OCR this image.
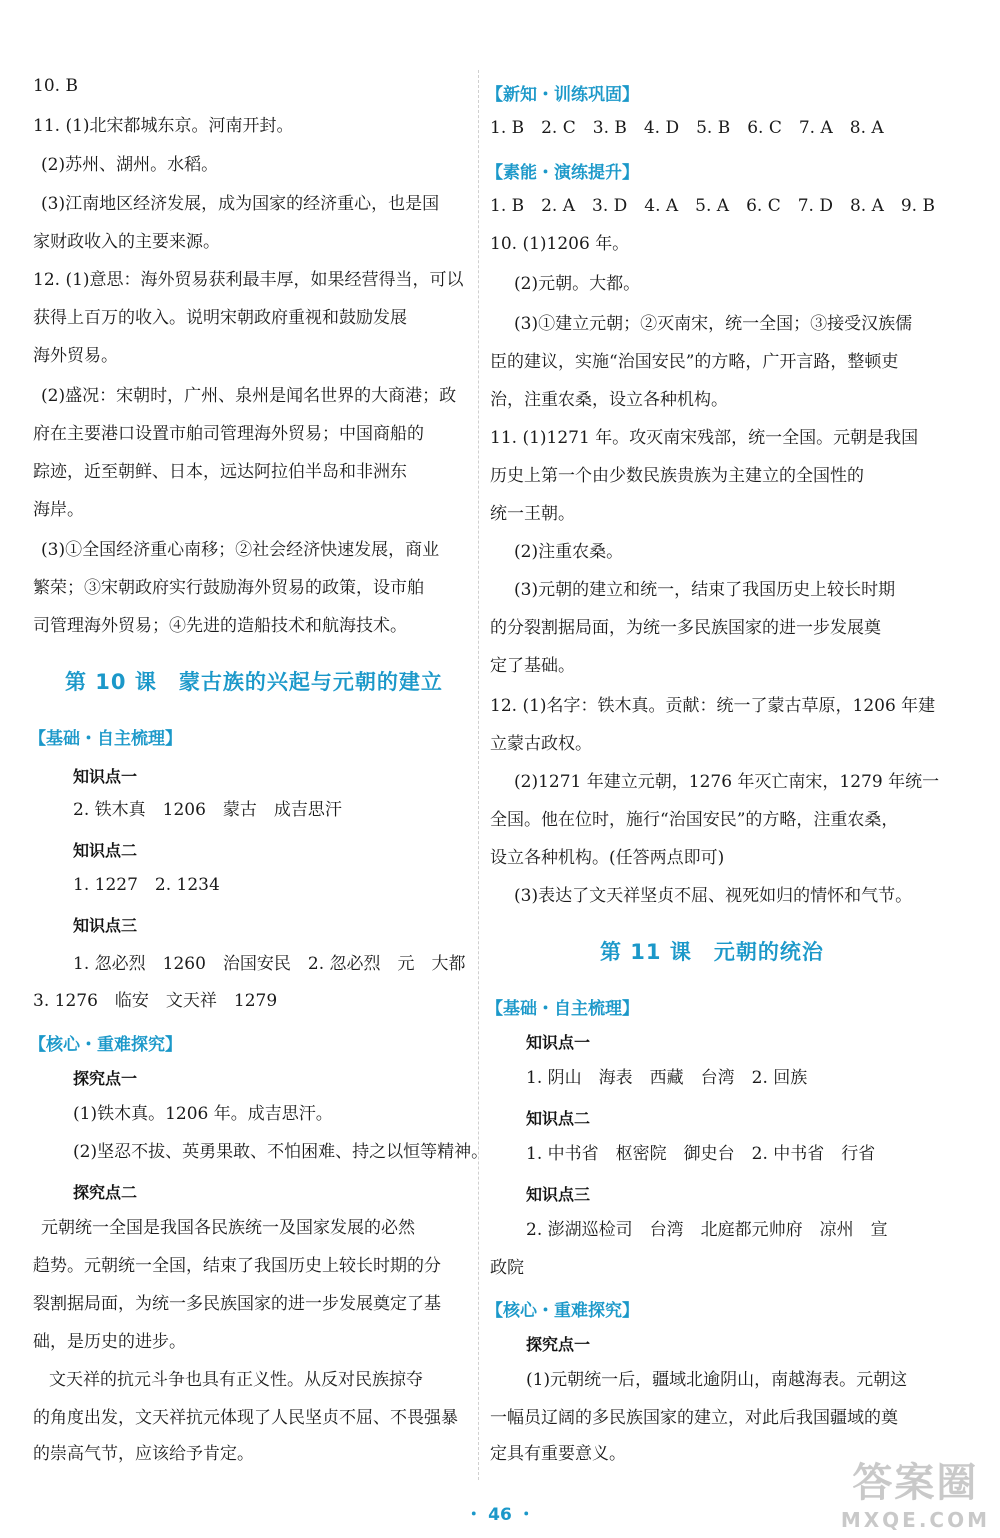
10. B
11. (1)北宋都城东京。河南开封。
(2)苏州、湖州。水稻。
(3)江南地区经济发展，成为国家的经济重心，也是国
家财政收入的主要来源。
12. (1)意思：海外贸易获利最丰厚，如果经营得当，可以
获得上百万的收入。说明宋朝政府重视和鼓励发展
海外贸易。
(2)盛况：宋朝时，广州、泉州是闻名世界的大商港；政
府在主要港口设置市舶司管理海外贸易；中国商船的
踪迹，近至朝鲜、日本，远达阿拉伯半岛和非洲东
海岸。
(3)①全国经济重心南移；②社会经济快速发展，商业
繁荣；③宋朝政府实行鼓励海外贸易的政策，设市舶
司管理海外贸易；④先进的造船技术和航海技术。
第 10 课　蒙古族的兴起与元朝的建立
【基础・自主梳理】
知识点一
2. 铁木真　1206　蒙古　成吉思汗
知识点二
1. 1227　2. 1234
知识点三
1. 忽必烈　1260　治国安民　2. 忽必烈　元　大都
3. 1276　临安　文天祥　1279
【核心・重难探究】
探究点一
(1)铁木真。1206 年。成吉思汗。
(2)坚忍不拔、英勇果敢、不怕困难、持之以恒等精神。
探究点二
元朝统一全国是我国各民族统一及国家发展的必然
趋势。元朝统一全国，结束了我国历史上较长时期的分
裂割据局面，为统一多民族国家的进一步发展奠定了基
础，是历史的进步。
文天祥的抗元斗争也具有正义性。从反对民族掠夺
的角度出发，文天祥抗元体现了人民坚贞不屈、不畏强暴
的崇高气节，应该给予肯定。
【新知・训练巩固】
1. B　2. C　3. B　4. D　5. B　6. C　7. A　8. A
【素能・演练提升】
1. B　2. A　3. D　4. A　5. A　6. C　7. D　8. A　9. B
10. (1)1206 年。
(2)元朝。大都。
(3)①建立元朝；②灭南宋，统一全国；③接受汉族儒
臣的建议，实施“治国安民”的方略，广开言路，整顿吏
治，注重农桑，设立各种机构。
11. (1)1271 年。攻灭南宋残部，统一全国。元朝是我国
历史上第一个由少数民族贵族为主建立的全国性的
统一王朝。
(2)注重农桑。
(3)元朝的建立和统一，结束了我国历史上较长时期
的分裂割据局面，为统一多民族国家的进一步发展奠
定了基础。
12. (1)名字：铁木真。贡献：统一了蒙古草原，1206 年建
立蒙古政权。
(2)1271 年建立元朝，1276 年灭亡南宋，1279 年统一
全国。他在位时，施行“治国安民”的方略，注重农桑，
设立各种机构。(任答两点即可)
(3)表达了文天祥坚贞不屈、视死如归的情怀和气节。
第 11 课　元朝的统治
【基础・自主梳理】
知识点一
1. 阴山　海表　西藏　台湾　2. 回族
知识点二
1. 中书省　枢密院　御史台　2. 中书省　行省
知识点三
2. 澎湖巡检司　台湾　北庭都元帅府　凉州　宣
政院
【核心・重难探究】
探究点一
(1)元朝统一后，疆域北逾阴山，南越海表。元朝这
一幅员辽阔的多民族国家的建立，对此后我国疆域的奠
定具有重要意义。
・ 46 ・
答案圈
MXQE.COM
